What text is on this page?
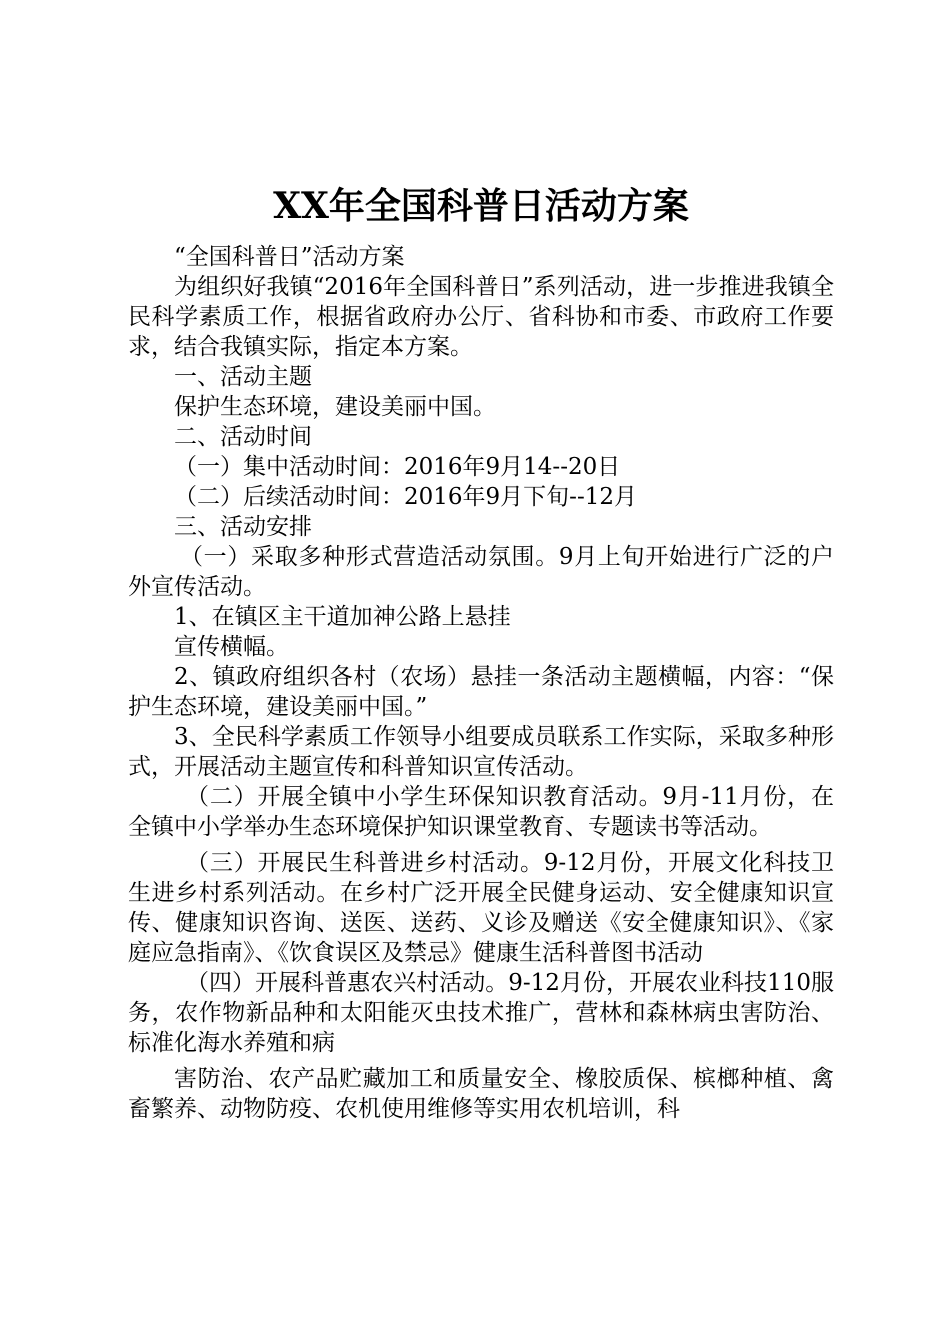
XX年全国科普日活动方案

“全国科普日”活动方案

为组织好我镇“2016年全国科普日”系列活动，进一步推进我镇全民科学素质工作，根据省政府办公厅、省科协和市委、市政府工作要求，结合我镇实际，指定本方案。

一、活动主题

保护生态环境，建设美丽中国。

二、活动时间

（一）集中活动时间：2016年9月14--20日

（二）后续活动时间：2016年9月下旬--12月

三、活动安排

（一）采取多种形式营造活动氛围。9月上旬开始进行广泛的户外宣传活动。

1、在镇区主干道加神公路上悬挂

宣传横幅。

2、镇政府组织各村（农场）悬挂一条活动主题横幅，内容：“保护生态环境，建设美丽中国。”

3、全民科学素质工作领导小组要成员联系工作实际，采取多种形式，开展活动主题宣传和科普知识宣传活动。

（二）开展全镇中小学生环保知识教育活动。9月-11月份，在全镇中小学举办生态环境保护知识课堂教育、专题读书等活动。

（三）开展民生科普进乡村活动。9-12月份，开展文化科技卫生进乡村系列活动。在乡村广泛开展全民健身运动、安全健康知识宣传、健康知识咨询、送医、送药、义诊及赠送《安全健康知识》、《家庭应急指南》、《饮食误区及禁忌》健康生活科普图书活动

（四）开展科普惠农兴村活动。9-12月份，开展农业科技110服务，农作物新品种和太阳能灭虫技术推广，营林和森林病虫害防治、标准化海水养殖和病

害防治、农产品贮藏加工和质量安全、橡胶质保、槟榔种植、禽畜繁养、动物防疫、农机使用维修等实用农机培训，科
